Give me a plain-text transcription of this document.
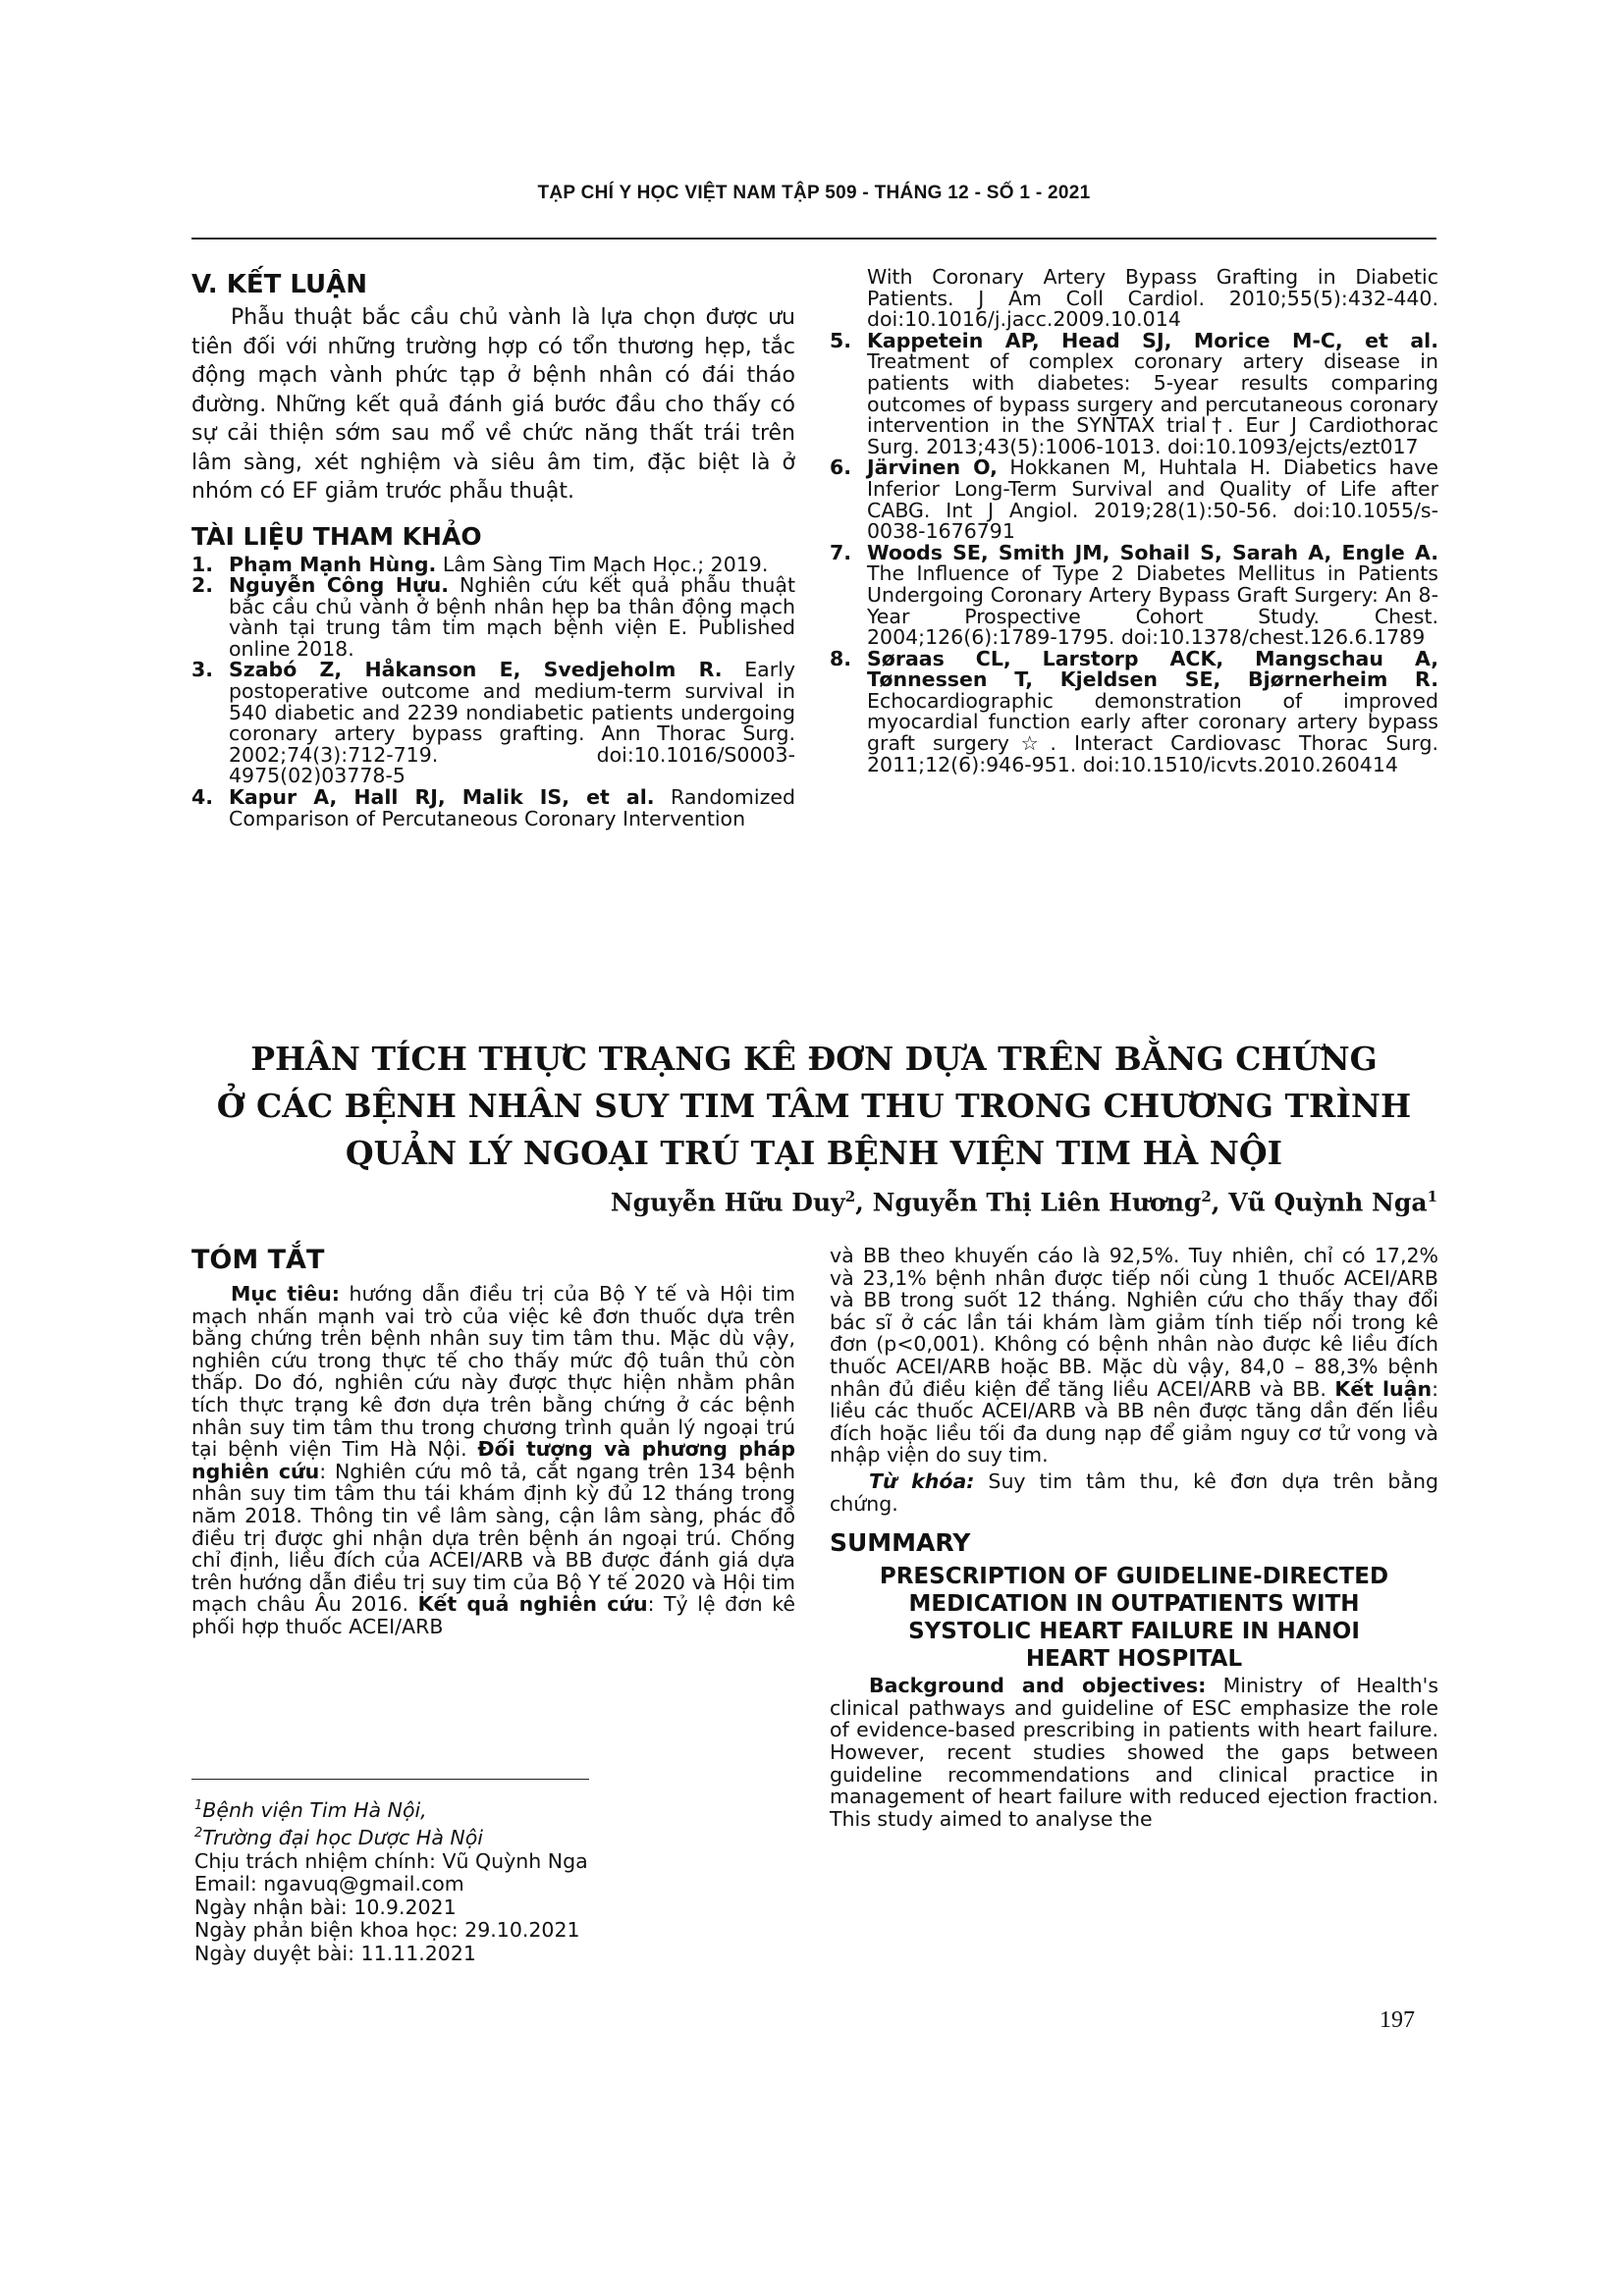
TẠP CHÍ Y HỌC VIỆT NAM TẬP 509 - THÁNG 12 - SỐ 1 - 2021
V. KẾT LUẬN

Phẫu thuật bắc cầu chủ vành là lựa chọn được ưu tiên đối với những trường hợp có tổn thương hẹp, tắc động mạch vành phức tạp ở bệnh nhân có đái tháo đường. Những kết quả đánh giá bước đầu cho thấy có sự cải thiện sớm sau mổ về chức năng thất trái trên lâm sàng, xét nghiệm và siêu âm tim, đặc biệt là ở nhóm có EF giảm trước phẫu thuật.

TÀI LIỆU THAM KHẢO
1. Phạm Mạnh Hùng. Lâm Sàng Tim Mạch Học.; 2019.
2. Nguyễn Công Hựu. Nghiên cứu kết quả phẫu thuật bắc cầu chủ vành ở bệnh nhân hẹp ba thân động mạch vành tại trung tâm tim mạch bệnh viện E. Published online 2018.
3. Szabó Z, Håkanson E, Svedjeholm R. Early postoperative outcome and medium-term survival in 540 diabetic and 2239 nondiabetic patients undergoing coronary artery bypass grafting. Ann Thorac Surg. 2002;74(3):712-719. doi:10.1016/S0003-4975(02)03778-5
4. Kapur A, Hall RJ, Malik IS, et al. Randomized Comparison of Percutaneous Coronary Intervention
With Coronary Artery Bypass Grafting in Diabetic Patients. J Am Coll Cardiol. 2010;55(5):432-440. doi:10.1016/j.jacc.2009.10.014
5. Kappetein AP, Head SJ, Morice M-C, et al. Treatment of complex coronary artery disease in patients with diabetes: 5-year results comparing outcomes of bypass surgery and percutaneous coronary intervention in the SYNTAX trial†. Eur J Cardiothorac Surg. 2013;43(5):1006-1013. doi:10.1093/ejcts/ezt017
6. Järvinen O, Hokkanen M, Huhtala H. Diabetics have Inferior Long-Term Survival and Quality of Life after CABG. Int J Angiol. 2019;28(1):50-56. doi:10.1055/s-0038-1676791
7. Woods SE, Smith JM, Sohail S, Sarah A, Engle A. The Influence of Type 2 Diabetes Mellitus in Patients Undergoing Coronary Artery Bypass Graft Surgery: An 8-Year Prospective Cohort Study. Chest. 2004;126(6):1789-1795. doi:10.1378/chest.126.6.1789
8. Søraas CL, Larstorp ACK, Mangschau A, Tønnessen T, Kjeldsen SE, Bjørnerheim R. Echocardiographic demonstration of improved myocardial function early after coronary artery bypass graft surgery☆. Interact Cardiovasc Thorac Surg. 2011;12(6):946-951. doi:10.1510/icvts.2010.260414
PHÂN TÍCH THỰC TRẠNG KÊ ĐƠN DỰA TRÊN BẰNG CHỨNG
Ở CÁC BỆNH NHÂN SUY TIM TÂM THU TRONG CHƯƠNG TRÌNH
QUẢN LÝ NGOẠI TRÚ TẠI BỆNH VIỆN TIM HÀ NỘI
Nguyễn Hữu Duy$^2$, Nguyễn Thị Liên Hương$^2$, Vũ Quỳnh Nga$^1$
TÓM TẮT

Mục tiêu: hướng dẫn điều trị của Bộ Y tế và Hội tim mạch nhấn mạnh vai trò của việc kê đơn thuốc dựa trên bằng chứng trên bệnh nhân suy tim tâm thu. Mặc dù vậy, nghiên cứu trong thực tế cho thấy mức độ tuân thủ còn thấp. Do đó, nghiên cứu này được thực hiện nhằm phân tích thực trạng kê đơn dựa trên bằng chứng ở các bệnh nhân suy tim tâm thu trong chương trình quản lý ngoại trú tại bệnh viện Tim Hà Nội. Đối tượng và phương pháp nghiên cứu: Nghiên cứu mô tả, cắt ngang trên 134 bệnh nhân suy tim tâm thu tái khám định kỳ đủ 12 tháng trong năm 2018. Thông tin về lâm sàng, cận lâm sàng, phác đồ điều trị được ghi nhận dựa trên bệnh án ngoại trú. Chống chỉ định, liều đích của ACEI/ARB và BB được đánh giá dựa trên hướng dẫn điều trị suy tim của Bộ Y tế 2020 và Hội tim mạch châu Âu 2016. Kết quả nghiên cứu: Tỷ lệ đơn kê phối hợp thuốc ACEI/ARB

và BB theo khuyến cáo là 92,5%. Tuy nhiên, chỉ có 17,2% và 23,1% bệnh nhân được tiếp nối cùng 1 thuốc ACEI/ARB và BB trong suốt 12 tháng. Nghiên cứu cho thấy thay đổi bác sĩ ở các lần tái khám làm giảm tính tiếp nối trong kê đơn (p<0,001). Không có bệnh nhân nào được kê liều đích thuốc ACEI/ARB hoặc BB. Mặc dù vậy, 84,0 – 88,3% bệnh nhân đủ điều kiện để tăng liều ACEI/ARB và BB. Kết luận: liều các thuốc ACEI/ARB và BB nên được tăng dần đến liều đích hoặc liều tối đa dung nạp để giảm nguy cơ tử vong và nhập viện do suy tim.

Từ khóa: Suy tim tâm thu, kê đơn dựa trên bằng chứng.

SUMMARY
PRESCRIPTION OF GUIDELINE-DIRECTED
MEDICATION IN OUTPATIENTS WITH
SYSTOLIC HEART FAILURE IN HANOI
HEART HOSPITAL

Background and objectives: Ministry of Health's clinical pathways and guideline of ESC emphasize the role of evidence-based prescribing in patients with heart failure. However, recent studies showed the gaps between guideline recommendations and clinical practice in management of heart failure with reduced ejection fraction. This study aimed to analyse the

$^1$Bệnh viện Tim Hà Nội,
$^2$Trường đại học Dược Hà Nội
Chịu trách nhiệm chính: Vũ Quỳnh Nga
Email: ngavuq@gmail.com
Ngày nhận bài: 10.9.2021
Ngày phản biện khoa học: 29.10.2021
Ngày duyệt bài: 11.11.2021
197
